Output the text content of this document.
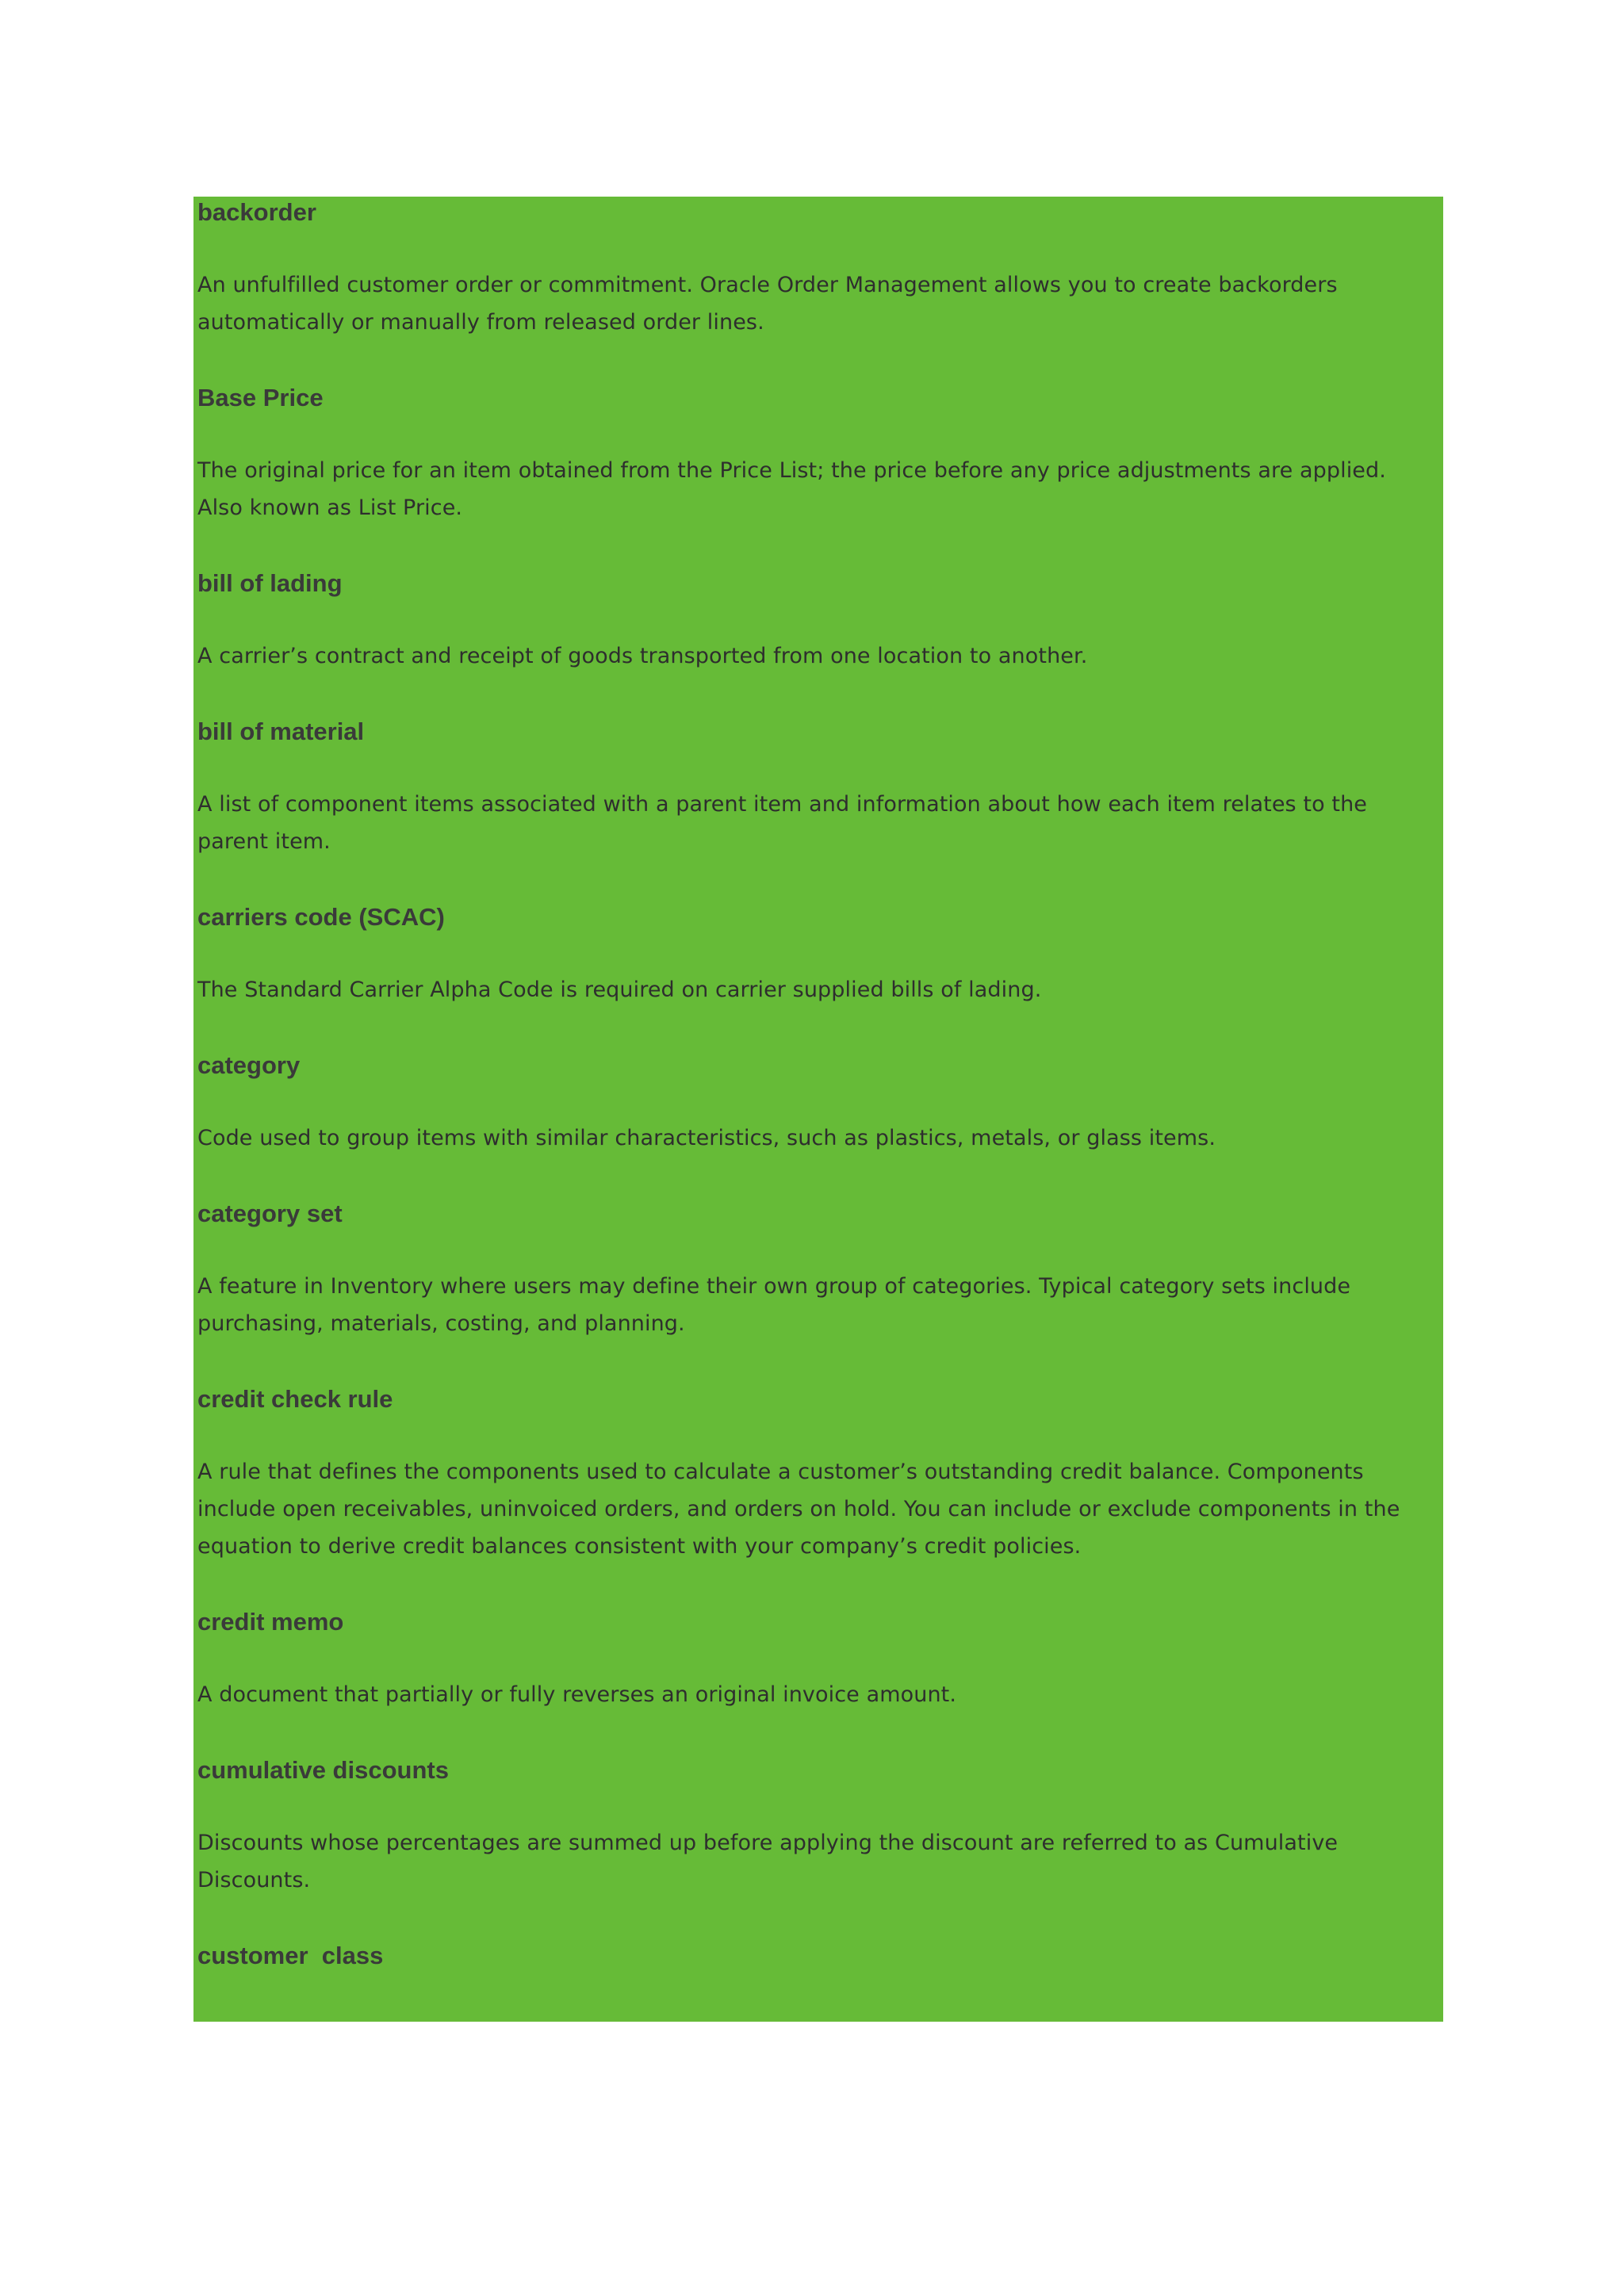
backorder

An unfulfilled customer order or commitment. Oracle Order Management allows you to create backorders automatically or manually from released order lines.

Base Price

The original price for an item obtained from the Price List; the price before any price adjustments are applied. Also known as List Price.

bill of lading

A carrier’s contract and receipt of goods transported from one location to another.

bill of material

A list of component items associated with a parent item and information about how each item relates to the parent item.

carriers code (SCAC)

The Standard Carrier Alpha Code is required on carrier supplied bills of lading.

category

Code used to group items with similar characteristics, such as plastics, metals, or glass items.

category set

A feature in Inventory where users may define their own group of categories. Typical category sets include purchasing, materials, costing, and planning.

credit check rule

A rule that defines the components used to calculate a customer’s outstanding credit balance. Components include open receivables, uninvoiced orders, and orders on hold. You can include or exclude components in the equation to derive credit balances consistent with your company’s credit policies.

credit memo

A document that partially or fully reverses an original invoice amount.

cumulative discounts

Discounts whose percentages are summed up before applying the discount are referred to as Cumulative Discounts.

customer  class
